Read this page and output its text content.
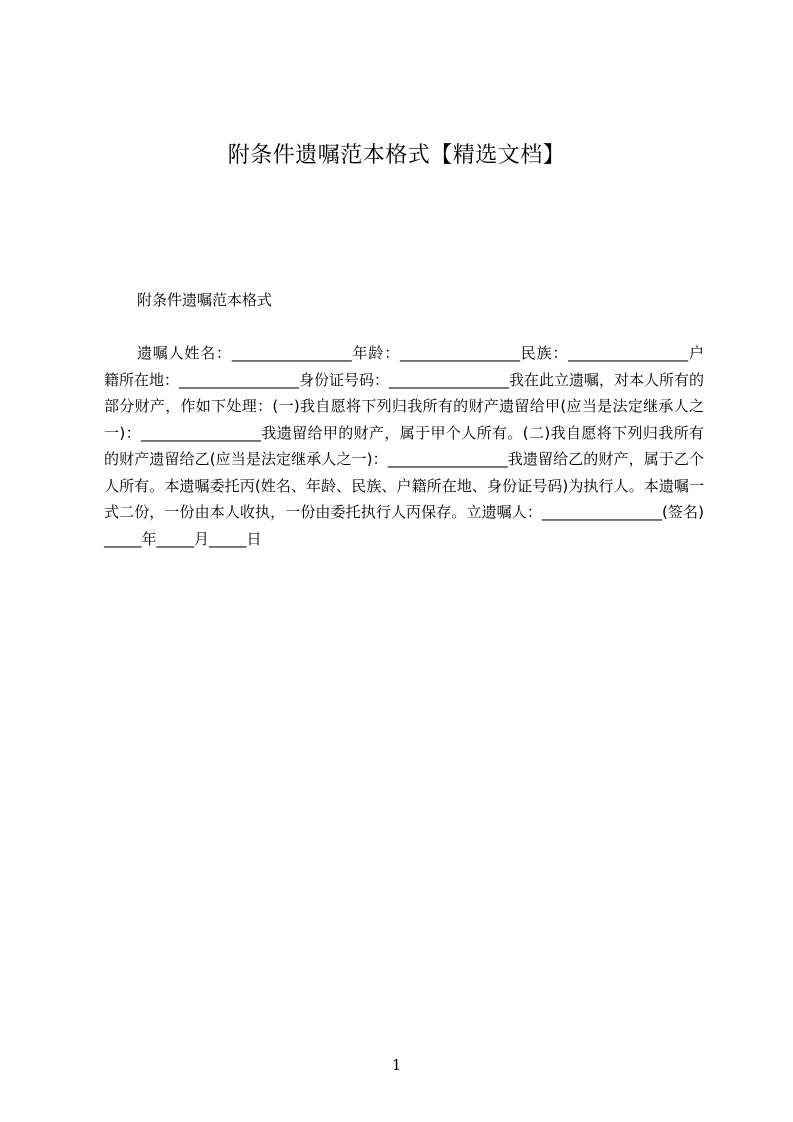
附条件遗嘱范本格式【精选文档】
附条件遗嘱范本格式
遗嘱人姓名：________________年龄：________________民族：________________户籍所在地：________________身份证号码：________________我在此立遗嘱，对本人所有的部分财产，作如下处理：(一)我自愿将下列归我所有的财产遗留给甲(应当是法定继承人之一)：________________我遗留给甲的财产，属于甲个人所有。(二)我自愿将下列归我所有的财产遗留给乙(应当是法定继承人之一)：________________我遗留给乙的财产，属于乙个人所有。本遗嘱委托丙(姓名、年龄、民族、户籍所在地、身份证号码)为执行人。本遗嘱一式二份，一份由本人收执，一份由委托执行人丙保存。立遗嘱人：________________(签名)_____年_____月_____日
1
